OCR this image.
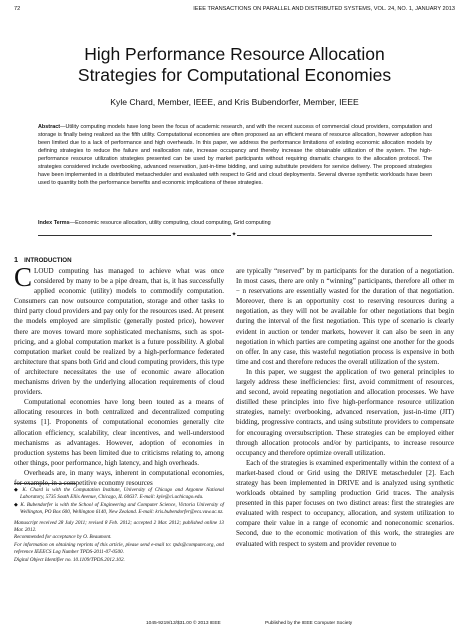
72	IEEE TRANSACTIONS ON PARALLEL AND DISTRIBUTED SYSTEMS, VOL. 24, NO. 1, JANUARY 2013
High Performance Resource Allocation
Strategies for Computational Economies
Kyle Chard, Member, IEEE, and Kris Bubendorfer, Member, IEEE
Abstract—Utility computing models have long been the focus of academic research, and with the recent success of commercial cloud providers, computation and storage is finally being realized as the fifth utility. Computational economies are often proposed as an efficient means of resource allocation, however adoption has been limited due to a lack of performance and high overheads. In this paper, we address the performance limitations of existing economic allocation models by defining strategies to reduce the failure and reallocation rate, increase occupancy and thereby increase the obtainable utilization of the system. The high-performance resource utilization strategies presented can be used by market participants without requiring dramatic changes to the allocation protocol. The strategies considered include overbooking, advanced reservation, just-in-time bidding, and using substitute providers for service delivery. The proposed strategies have been implemented in a distributed metascheduler and evaluated with respect to Grid and cloud deployments. Several diverse synthetic workloads have been used to quantity both the performance benefits and economic implications of these strategies.
Index Terms—Economic resource allocation, utility computing, cloud computing, Grid computing
✦
1 INTRODUCTION

CLOUD computing has managed to achieve what was once considered by many to be a pipe dream, that is, it has successfully applied economic (utility) models to commodify computation. Consumers can now outsource computation, storage and other tasks to third party cloud providers and pay only for the resources used. At present the models employed are simplistic (generally posted price), however there are moves toward more sophisticated mechanisms, such as spot-pricing, and a global computation market is a future possibility. A global computation market could be realized by a high-performance federated architecture that spans both Grid and cloud computing providers, this type of architecture necessitates the use of economic aware allocation mechanisms driven by the underlying allocation requirements of cloud providers.

Computational economies have long been touted as a means of allocating resources in both centralized and decentralized computing systems [1]. Proponents of computational economies generally cite allocation efficiency, scalability, clear incentives, and well-understood mechanisms as advantages. However, adoption of economies in production systems has been limited due to criticisms relating to, among other things, poor performance, high latency, and high overheads.

Overheads are, in many ways, inherent in computational economies, for example, in a competitive economy resources

◆ K. Chard is with the Computation Institute, University of Chicago and Argonne National Laboratory, 5735 South Ellis Avenue, Chicago, IL 60637. E-mail: kyle@ci.uchicago.edu.

◆ K. Bubendorfer is with the School of Engineering and Computer Science, Victoria University of Wellington, PO Box 600, Wellington 6140, New Zealand. E-mail: kris.bubendorfer@ecs.vuw.ac.nz.

Manuscript received 28 July 2011; revised 8 Feb. 2012; accepted 2 Mar. 2012; published online 13 Mar. 2012.

Recommended for acceptance by O. Beaumont.

For information on obtaining reprints of this article, please send e-mail to: tpds@computer.org, and reference IEEECS Log Number TPDS-2011-07-0500.

Digital Object Identifier no. 10.1109/TPDS.2012.102.

are typically “reserved” by m participants for the duration of a negotiation. In most cases, there are only n “winning” participants, therefore all other m − n reservations are essentially wasted for the duration of that negotiation. Moreover, there is an opportunity cost to reserving resources during a negotiation, as they will not be available for other negotiations that begin during the interval of the first negotiation. This type of scenario is clearly evident in auction or tender markets, however it can also be seen in any negotiation in which parties are competing against one another for the goods on offer. In any case, this wasteful negotiation process is expensive in both time and cost and therefore reduces the overall utilization of the system.

In this paper, we suggest the application of two general principles to largely address these inefficiencies: first, avoid commitment of resources, and second, avoid repeating negotiation and allocation processes. We have distilled these principles into five high-performance resource utilization strategies, namely: overbooking, advanced reservation, just-in-time (JIT) bidding, progressive contracts, and using substitute providers to compensate for encouraging oversubscription. These strategies can be employed either through allocation protocols and/or by participants, to increase resource occupancy and therefore optimize overall utilization.

Each of the strategies is examined experimentally within the context of a market-based cloud or Grid using the DRIVE metascheduler [2]. Each strategy has been implemented in DRIVE and is analyzed using synthetic workloads obtained by sampling production Grid traces. The analysis presented in this paper focuses on two distinct areas: first the strategies are evaluated with respect to occupancy, allocation, and system utilization to compare their value in a range of economic and noneconomic scenarios. Second, due to the economic motivation of this work, the strategies are evaluated with respect to system and provider revenue to

1045-9219/13/$31.00 © 2013 IEEE	Published by the IEEE Computer Society
